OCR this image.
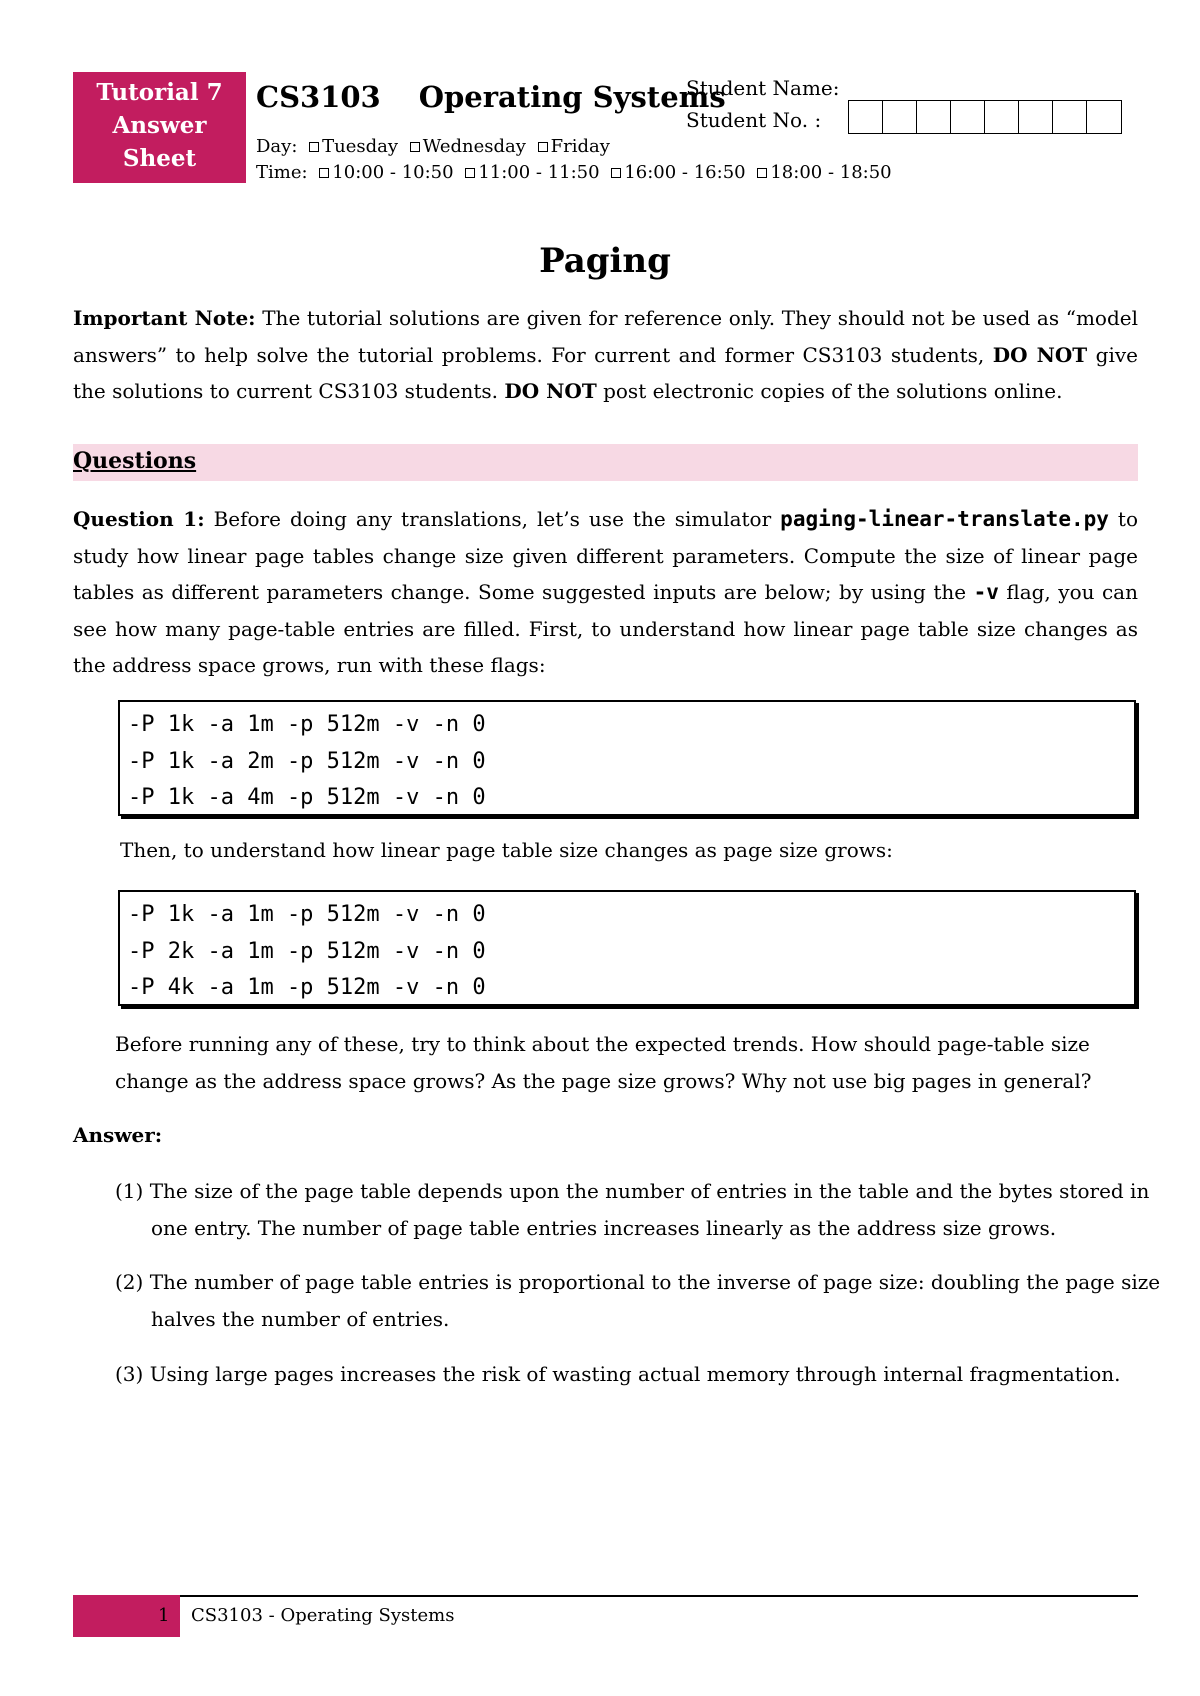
Tutorial 7
Answer
Sheet
CS3103 Operating Systems
Day: Tuesday Wednesday Friday
Time: 10:00 - 10:50 11:00 - 11:50 16:00 - 16:50 18:00 - 18:50
Student Name:
Student No. :
Paging
Important Note: The tutorial solutions are given for reference only. They should not be used as “model answers” to help solve the tutorial problems. For current and former CS3103 students, DO NOT give the solutions to current CS3103 students. DO NOT post electronic copies of the solutions online.
Questions
Question 1: Before doing any translations, let’s use the simulator paging-linear-translate.py to study how linear page tables change size given different parameters. Compute the size of linear page tables as different parameters change. Some suggested inputs are below; by using the -v flag, you can see how many page-table entries are filled. First, to understand how linear page table size changes as the address space grows, run with these flags:
-P 1k -a 1m -p 512m -v -n 0
-P 1k -a 2m -p 512m -v -n 0
-P 1k -a 4m -p 512m -v -n 0
Then, to understand how linear page table size changes as page size grows:
-P 1k -a 1m -p 512m -v -n 0
-P 2k -a 1m -p 512m -v -n 0
-P 4k -a 1m -p 512m -v -n 0
Before running any of these, try to think about the expected trends. How should page-table size change as the address space grows? As the page size grows? Why not use big pages in general?
Answer:
(1) The size of the page table depends upon the number of entries in the table and the bytes stored in one entry. The number of page table entries increases linearly as the address size grows.
(2) The number of page table entries is proportional to the inverse of page size: doubling the page size halves the number of entries.
(3) Using large pages increases the risk of wasting actual memory through internal fragmentation.
1 CS3103 - Operating Systems
